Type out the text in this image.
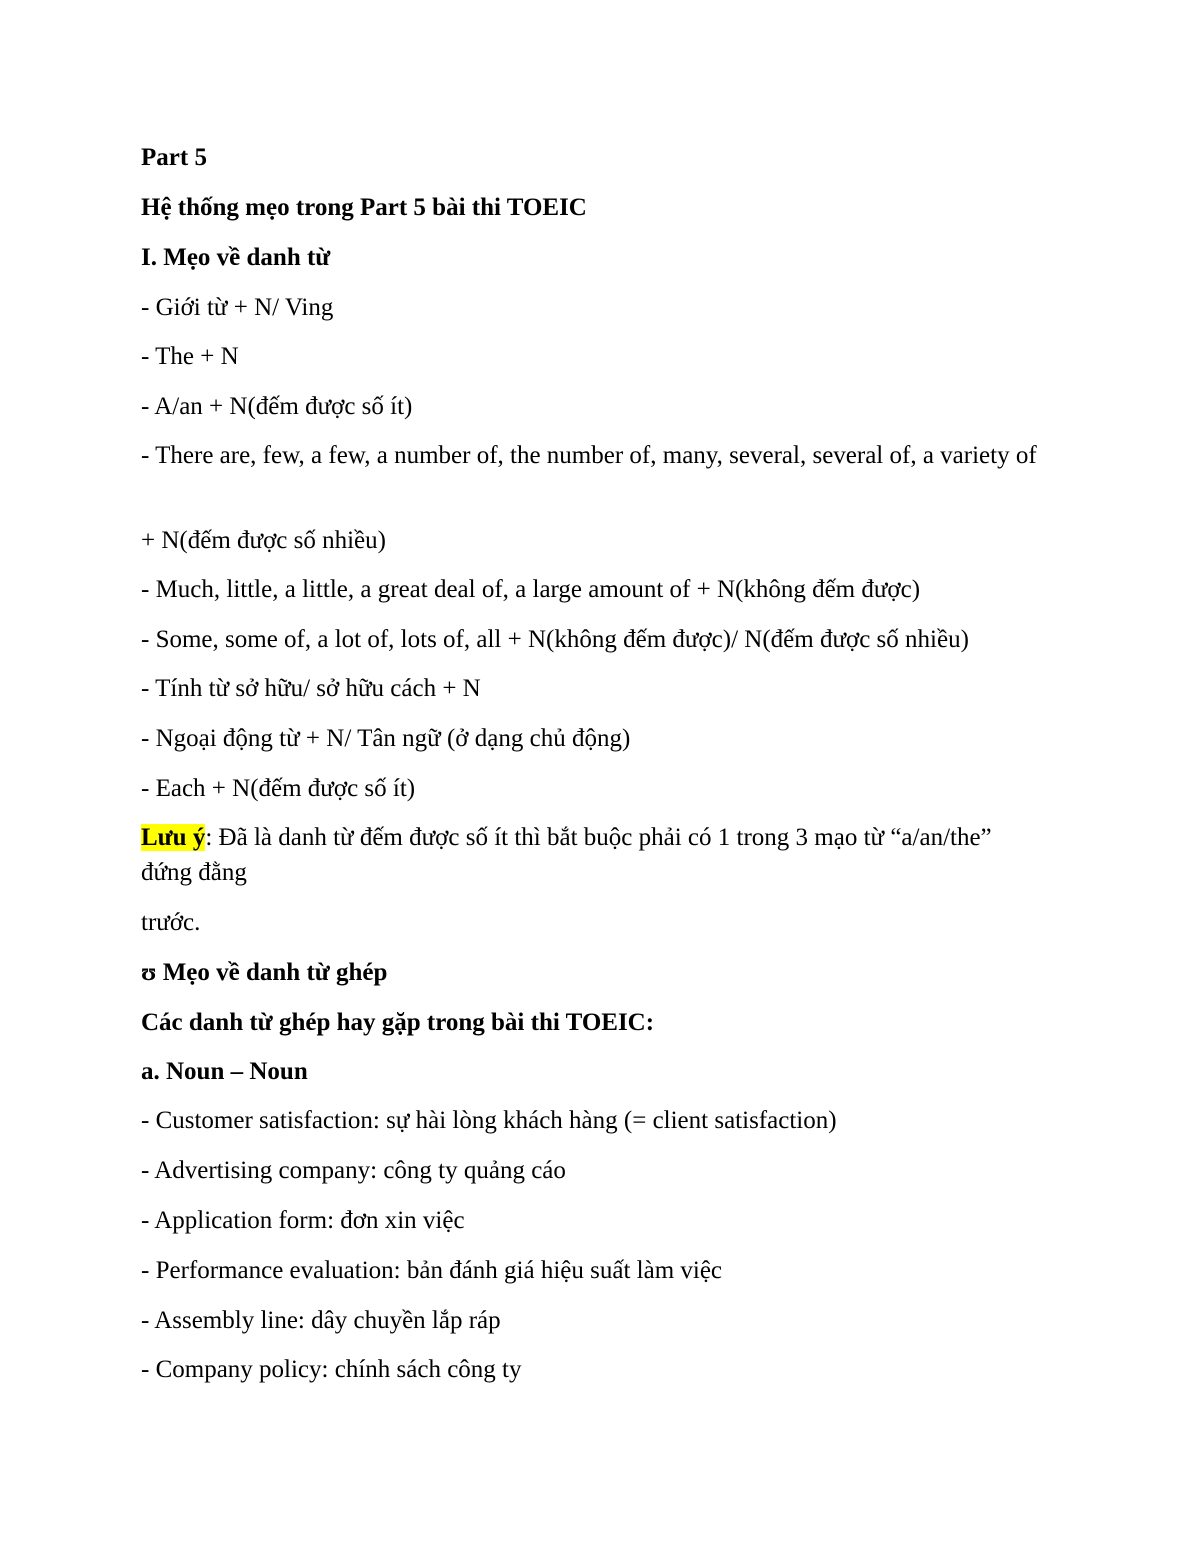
Part 5

Hệ thống mẹo trong Part 5 bài thi TOEIC

I. Mẹo về danh từ

- Giới từ + N/ Ving

- The + N

- A/an + N(đếm được số ít)

- There are, few, a few, a number of, the number of, many, several, several of, a variety of

+ N(đếm được số nhiều)

- Much, little, a little, a great deal of, a large amount of + N(không đếm được)

- Some, some of, a lot of, lots of, all + N(không đếm được)/ N(đếm được số nhiều)

- Tính từ sở hữu/ sở hữu cách + N

- Ngoại động từ + N/ Tân ngữ (ở dạng chủ động)

- Each + N(đếm được số ít)

Lưu ý: Đã là danh từ đếm được số ít thì bắt buộc phải có 1 trong 3 mạo từ “a/an/the” đứng đằng

trước.

ʊ Mẹo về danh từ ghép

Các danh từ ghép hay gặp trong bài thi TOEIC:

a. Noun – Noun

- Customer satisfaction: sự hài lòng khách hàng (= client satisfaction)

- Advertising company: công ty quảng cáo

- Application form: đơn xin việc

- Performance evaluation: bản đánh giá hiệu suất làm việc

- Assembly line: dây chuyền lắp ráp

- Company policy: chính sách công ty
